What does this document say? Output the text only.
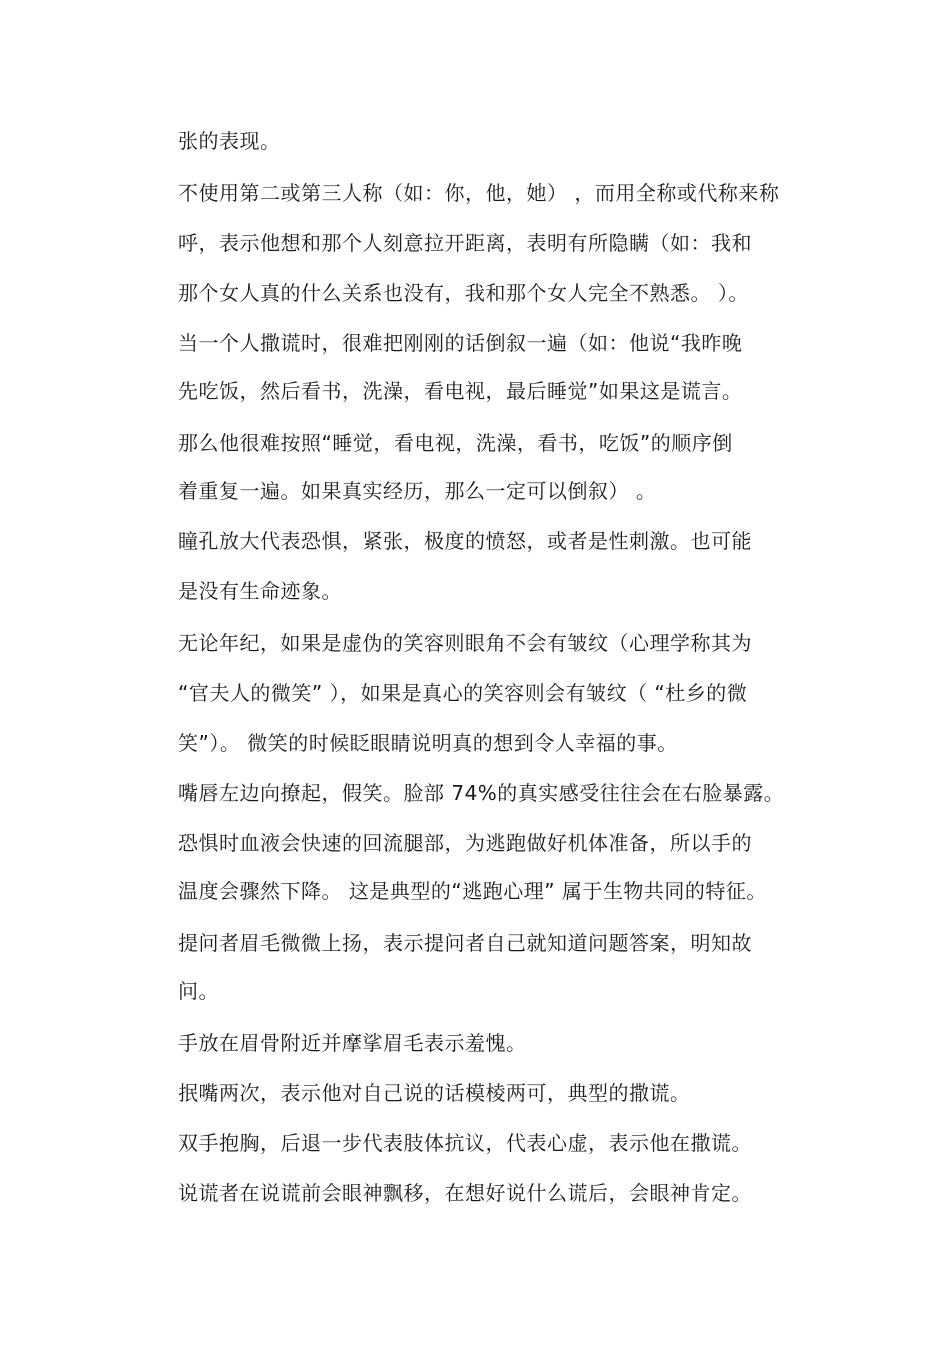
张的表现。
不使用第二或第三人称（如：你，他，她） ，而用全称或代称来称
呼，表示他想和那个人刻意拉开距离，表明有所隐瞒（如：我和
那个女人真的什么关系也没有，我和那个女人完全不熟悉。 ）。
当一个人撒谎时，很难把刚刚的话倒叙一遍（如：他说“我昨晚
先吃饭，然后看书，洗澡，看电视，最后睡觉”如果这是谎言。
那么他很难按照“睡觉，看电视，洗澡，看书，吃饭”的顺序倒
着重复一遍。如果真实经历，那么一定可以倒叙） 。
瞳孔放大代表恐惧，紧张，极度的愤怒，或者是性刺激。也可能
是没有生命迹象。
无论年纪，如果是虚伪的笑容则眼角不会有皱纹（心理学称其为
“官夫人的微笑” ），如果是真心的笑容则会有皱纹（ “杜乡的微
笑”）。 微笑的时候眨眼睛说明真的想到令人幸福的事。
嘴唇左边向撩起，假笑。脸部 74%的真实感受往往会在右脸暴露。
恐惧时血液会快速的回流腿部，为逃跑做好机体准备，所以手的
温度会骤然下降。 这是典型的“逃跑心理” 属于生物共同的特征。
提问者眉毛微微上扬，表示提问者自己就知道问题答案，明知故
问。
手放在眉骨附近并摩挲眉毛表示羞愧。
抿嘴两次，表示他对自己说的话模棱两可，典型的撒谎。
双手抱胸，后退一步代表肢体抗议，代表心虚，表示他在撒谎。
说谎者在说谎前会眼神飘移，在想好说什么谎后，会眼神肯定。
